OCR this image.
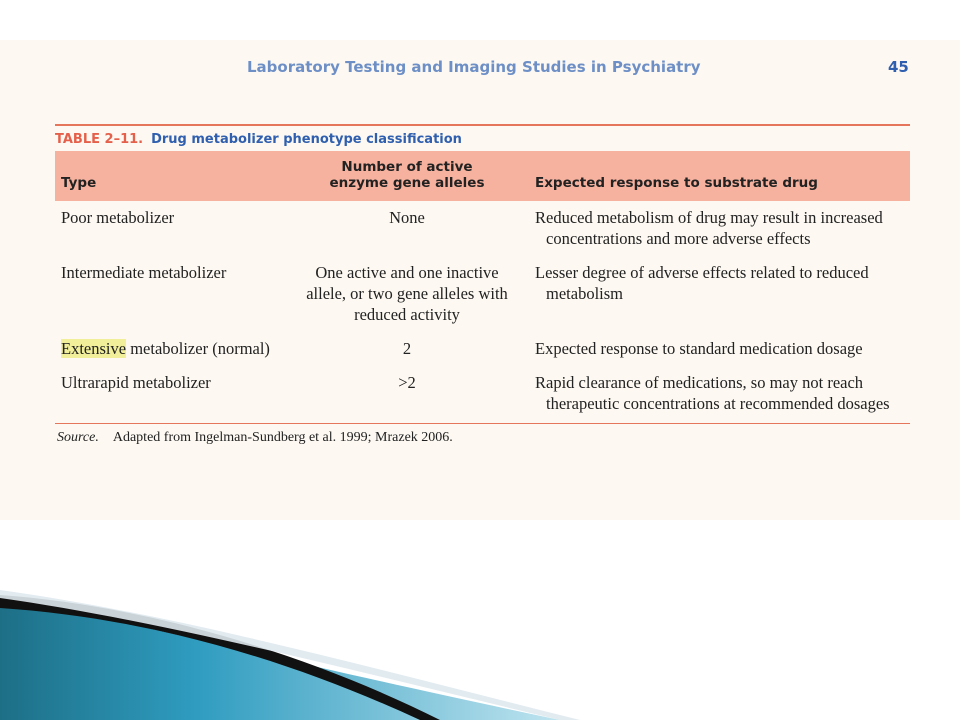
Laboratory Testing and Imaging Studies in Psychiatry	45
TABLE 2–11. Drug metabolizer phenotype classification
Type	Number of active enzyme gene alleles	Expected response to substrate drug

Poor metabolizer	None	Reduced metabolism of drug may result in increased concentrations and more adverse effects

Intermediate metabolizer	One active and one inactive allele, or two gene alleles with reduced activity	Lesser degree of adverse effects related to reduced metabolism

Extensive metabolizer (normal)	2	Expected response to standard medication dosage

Ultrarapid metabolizer	>2	Rapid clearance of medications, so may not reach therapeutic concentrations at recommended dosages
Source. Adapted from Ingelman-Sundberg et al. 1999; Mrazek 2006.
